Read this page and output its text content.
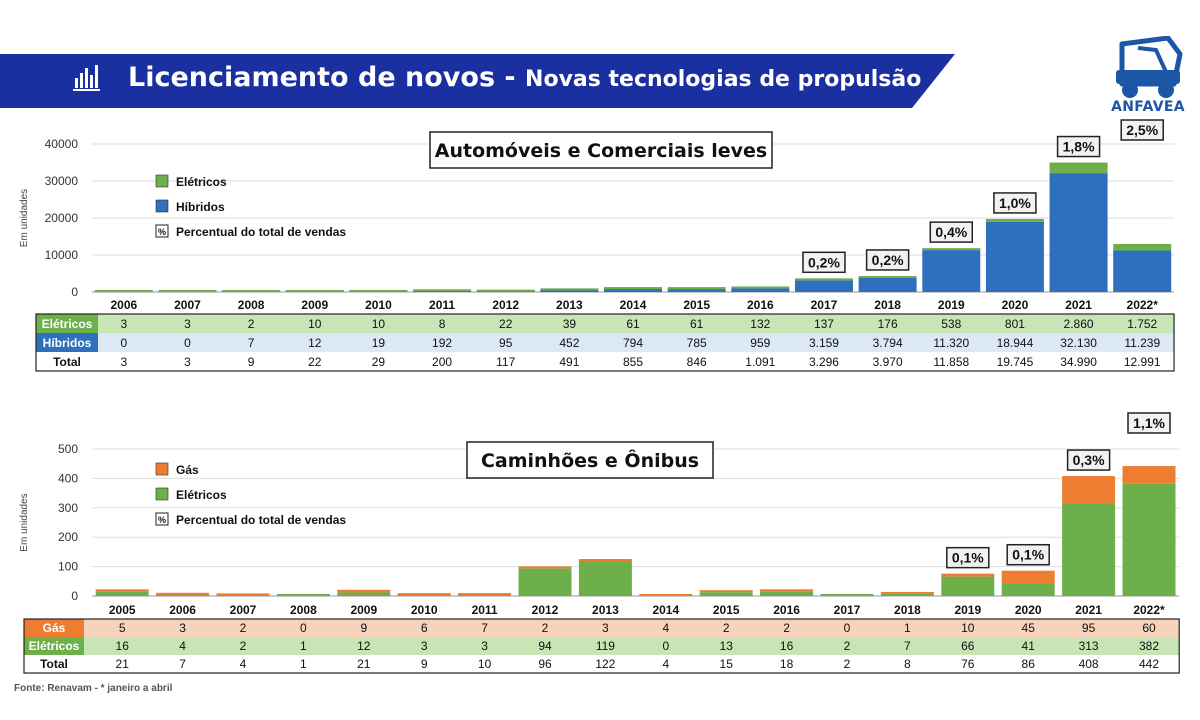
Licenciamento de novos - Novas tecnologias de propulsão
ANFAVEA
0
10000
20000
30000
40000
Em unidades
2006	2007	2008	2009	2010	2011	2012	2013	2014	2015	2016	2017	2018	2019	2020	2021	2022*
0,2% 0,2%
0,4%
1,0%
1,8%
2,5%
Automóveis e Comerciais leves
Elétricos
Híbridos
% Percentual do total de vendas
Elétricos 3	3	2	10	10	8	22	39	61	61	132	137	176	538	801	2.860	1.752
Híbridos 0	0	7	12	19	192	95	452	794	785	959	3.159	3.794	11.320 18.944 32.130 11.239
Total	3	3	9	22	29	200	117	491	855	846	1.091	3.296	3.970	11.858 19.745 34.990 12.991
0
100
200
300
400
500
Em unidades
2005	2006	2007	2008	2009	2010	2011	2012	2013	2014	2015	2016	2017	2018	2019	2020	2021	2022*
0,1% 0,1%
0,3%
1,1%
Caminhões e Ônibus
Gás
Elétricos
% Percentual do total de vendas
Gás	5	3	2	0	9	6	7	2	3	4	2	2	0	1	10	45	95	60
Elétricos	16	4	2	1	12	3	3	94	119	0	13	16	2	7	66	41	313	382
Total	21	7	4	1	21	9	10	96	122	4	15	18	2	8	76	86	408	442
Fonte: Renavam - * janeiro a abril
